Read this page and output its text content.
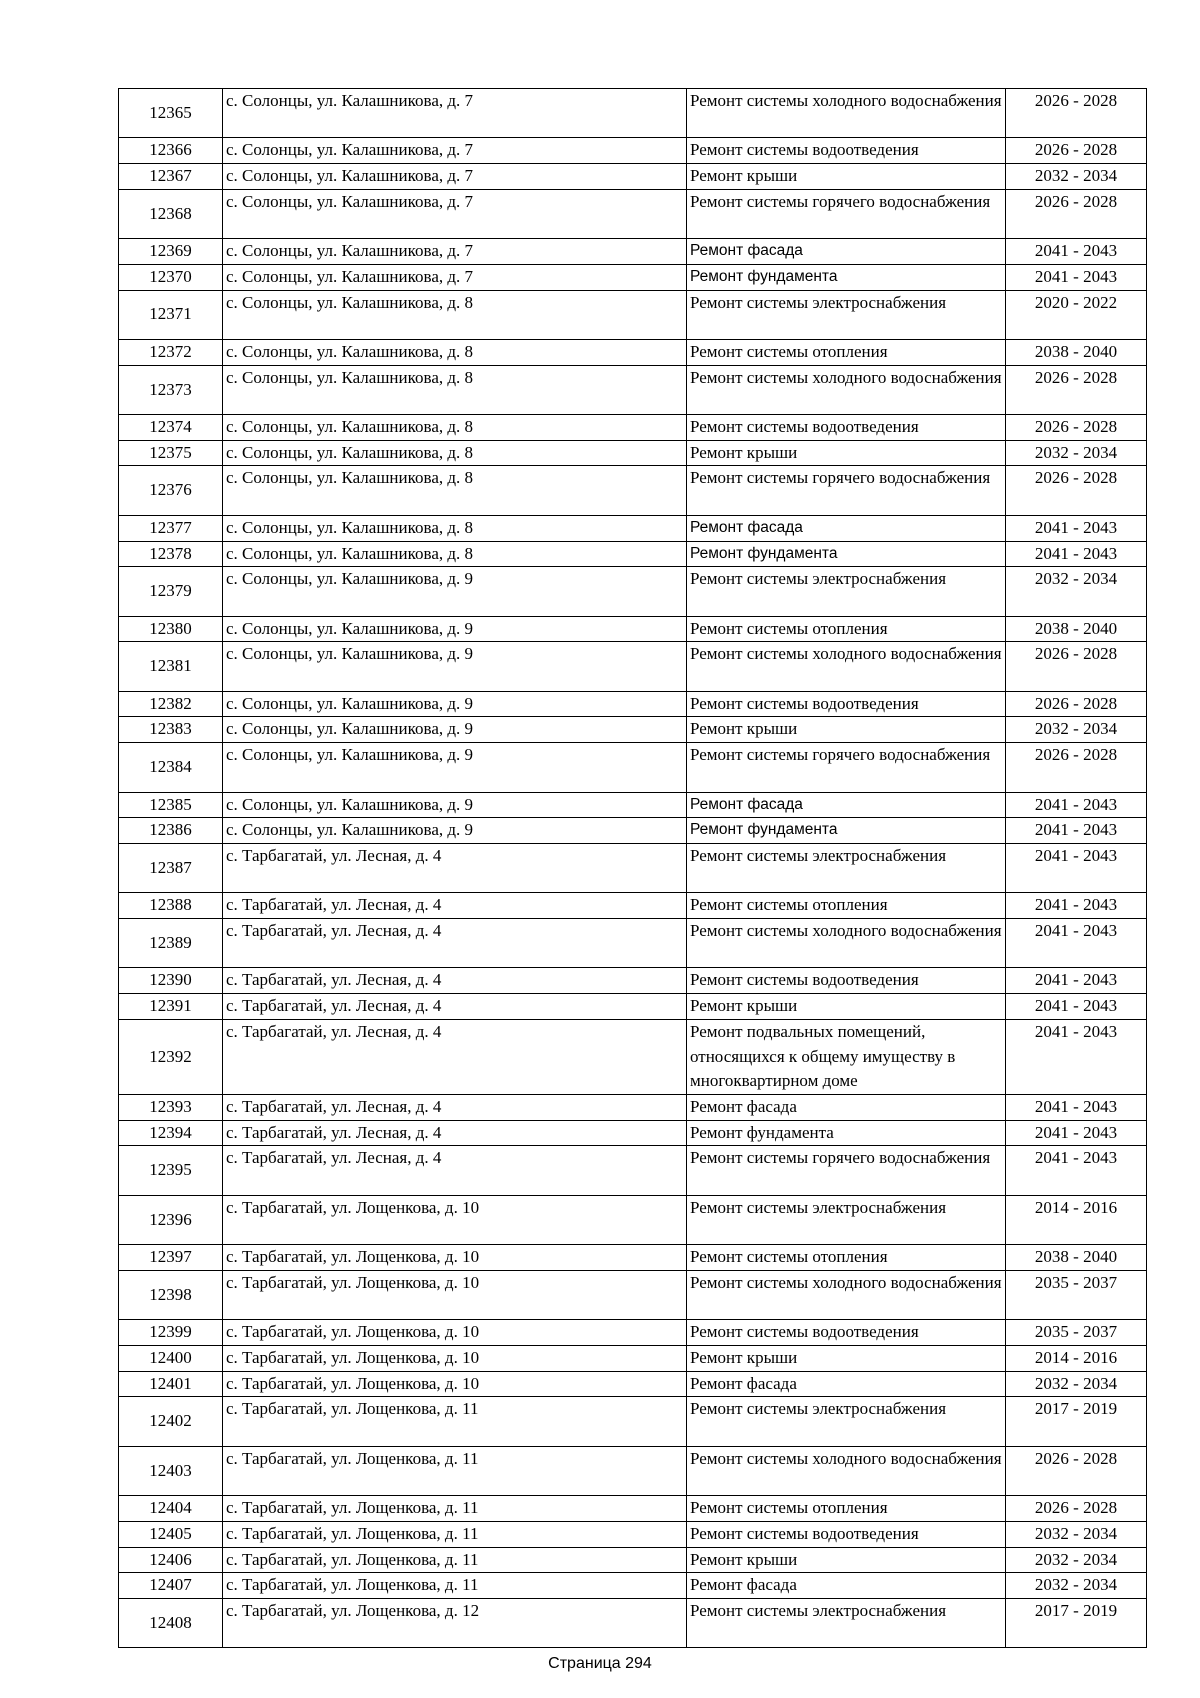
12365	с. Солонцы, ул. Калашникова, д. 7	Ремонт системы холодного водоснабжения	2026 - 2028
12366	с. Солонцы, ул. Калашникова, д. 7	Ремонт системы водоотведения	2026 - 2028
12367	с. Солонцы, ул. Калашникова, д. 7	Ремонт крыши	2032 - 2034
12368	с. Солонцы, ул. Калашникова, д. 7	Ремонт системы горячего водоснабжения	2026 - 2028
12369	с. Солонцы, ул. Калашникова, д. 7	Ремонт фасада	2041 - 2043
12370	с. Солонцы, ул. Калашникова, д. 7	Ремонт фундамента	2041 - 2043
12371	с. Солонцы, ул. Калашникова, д. 8	Ремонт системы электроснабжения	2020 - 2022
12372	с. Солонцы, ул. Калашникова, д. 8	Ремонт системы отопления	2038 - 2040
12373	с. Солонцы, ул. Калашникова, д. 8	Ремонт системы холодного водоснабжения	2026 - 2028
12374	с. Солонцы, ул. Калашникова, д. 8	Ремонт системы водоотведения	2026 - 2028
12375	с. Солонцы, ул. Калашникова, д. 8	Ремонт крыши	2032 - 2034
12376	с. Солонцы, ул. Калашникова, д. 8	Ремонт системы горячего водоснабжения	2026 - 2028
12377	с. Солонцы, ул. Калашникова, д. 8	Ремонт фасада	2041 - 2043
12378	с. Солонцы, ул. Калашникова, д. 8	Ремонт фундамента	2041 - 2043
12379	с. Солонцы, ул. Калашникова, д. 9	Ремонт системы электроснабжения	2032 - 2034
12380	с. Солонцы, ул. Калашникова, д. 9	Ремонт системы отопления	2038 - 2040
12381	с. Солонцы, ул. Калашникова, д. 9	Ремонт системы холодного водоснабжения	2026 - 2028
12382	с. Солонцы, ул. Калашникова, д. 9	Ремонт системы водоотведения	2026 - 2028
12383	с. Солонцы, ул. Калашникова, д. 9	Ремонт крыши	2032 - 2034
12384	с. Солонцы, ул. Калашникова, д. 9	Ремонт системы горячего водоснабжения	2026 - 2028
12385	с. Солонцы, ул. Калашникова, д. 9	Ремонт фасада	2041 - 2043
12386	с. Солонцы, ул. Калашникова, д. 9	Ремонт фундамента	2041 - 2043
12387	с. Тарбагатай, ул. Лесная, д. 4	Ремонт системы электроснабжения	2041 - 2043
12388	с. Тарбагатай, ул. Лесная, д. 4	Ремонт системы отопления	2041 - 2043
12389	с. Тарбагатай, ул. Лесная, д. 4	Ремонт системы холодного водоснабжения	2041 - 2043
12390	с. Тарбагатай, ул. Лесная, д. 4	Ремонт системы водоотведения	2041 - 2043
12391	с. Тарбагатай, ул. Лесная, д. 4	Ремонт крыши	2041 - 2043
12392	с. Тарбагатай, ул. Лесная, д. 4	Ремонт подвальных помещений, относящихся к общему имуществу в многоквартирном доме	2041 - 2043
12393	с. Тарбагатай, ул. Лесная, д. 4	Ремонт фасада	2041 - 2043
12394	с. Тарбагатай, ул. Лесная, д. 4	Ремонт фундамента	2041 - 2043
12395	с. Тарбагатай, ул. Лесная, д. 4	Ремонт системы горячего водоснабжения	2041 - 2043
12396	с. Тарбагатай, ул. Лощенкова, д. 10	Ремонт системы электроснабжения	2014 - 2016
12397	с. Тарбагатай, ул. Лощенкова, д. 10	Ремонт системы отопления	2038 - 2040
12398	с. Тарбагатай, ул. Лощенкова, д. 10	Ремонт системы холодного водоснабжения	2035 - 2037
12399	с. Тарбагатай, ул. Лощенкова, д. 10	Ремонт системы водоотведения	2035 - 2037
12400	с. Тарбагатай, ул. Лощенкова, д. 10	Ремонт крыши	2014 - 2016
12401	с. Тарбагатай, ул. Лощенкова, д. 10	Ремонт фасада	2032 - 2034
12402	с. Тарбагатай, ул. Лощенкова, д. 11	Ремонт системы электроснабжения	2017 - 2019
12403	с. Тарбагатай, ул. Лощенкова, д. 11	Ремонт системы холодного водоснабжения	2026 - 2028
12404	с. Тарбагатай, ул. Лощенкова, д. 11	Ремонт системы отопления	2026 - 2028
12405	с. Тарбагатай, ул. Лощенкова, д. 11	Ремонт системы водоотведения	2032 - 2034
12406	с. Тарбагатай, ул. Лощенкова, д. 11	Ремонт крыши	2032 - 2034
12407	с. Тарбагатай, ул. Лощенкова, д. 11	Ремонт фасада	2032 - 2034
12408	с. Тарбагатай, ул. Лощенкова, д. 12	Ремонт системы электроснабжения	2017 - 2019
Страница 294
